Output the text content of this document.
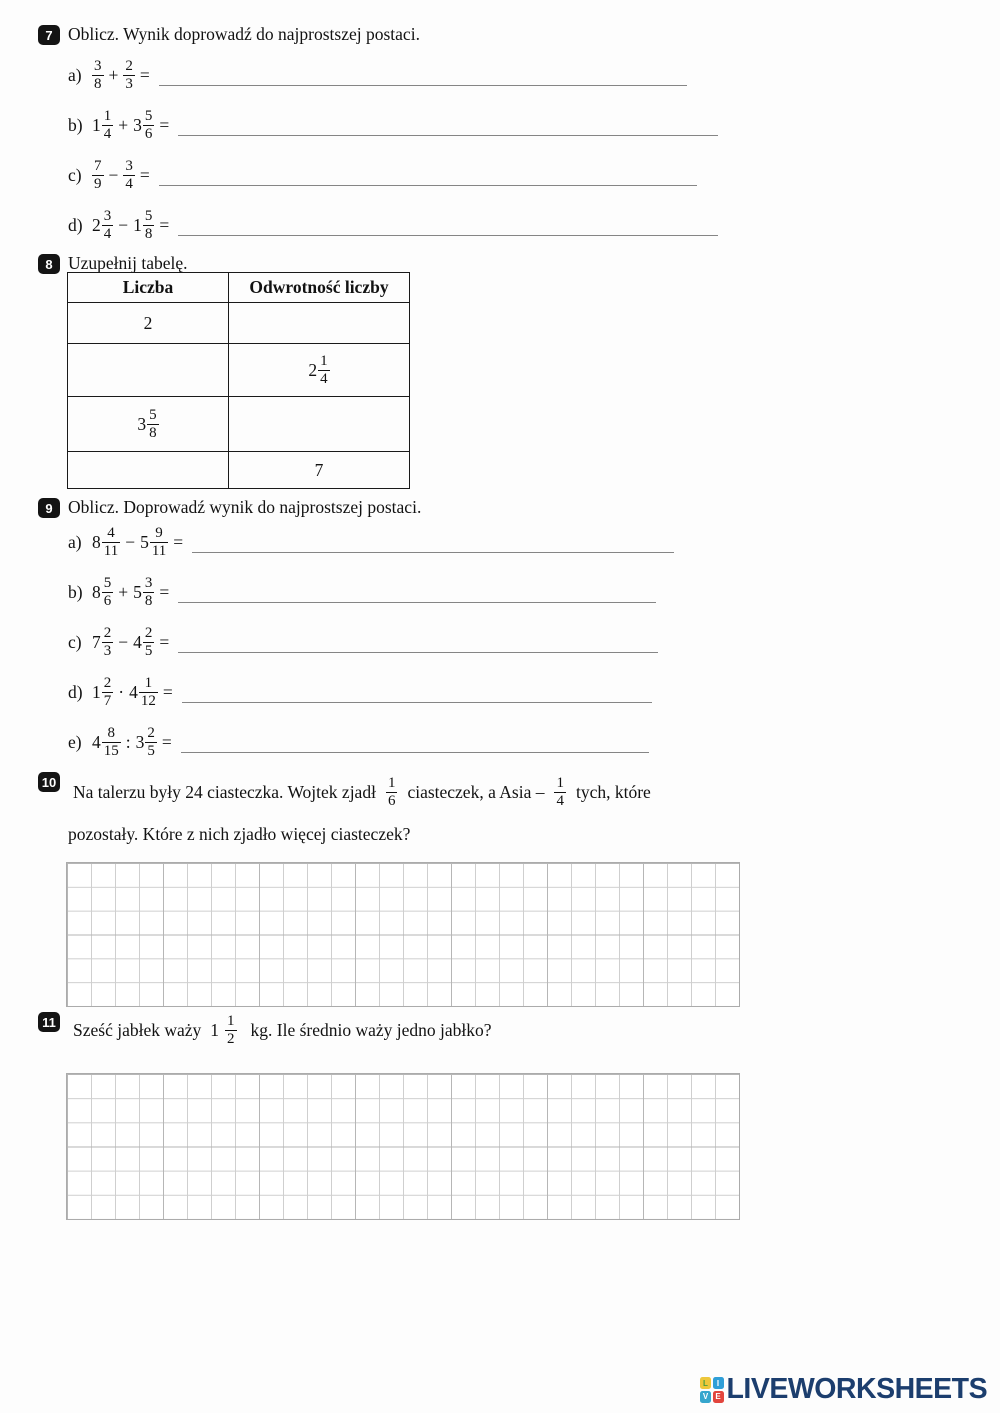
7 Oblicz. Wynik doprowadź do najprostszej postaci.
$a) \frac{3}{8} + \frac{2}{3}$ =
b) $1 \frac{1}{4} + 3 \frac{5}{6}$ =
$c) \frac{7}{9} - \frac{3}{4}$ =
d) $2 \frac{3}{4} - 1 \frac{5}{8}$ =
8 Uzupełnij tabelę.
Liczba	Odwrotność liczby

2	

	$2 \frac{1}{4}$

$3 \frac{5}{8}$

	7
9 Oblicz. Doprowadź wynik do najprostszej postaci.
a) $8 \frac{4}{11} - 5 \frac{9}{11}$ =
b) $8 \frac{5}{6} + 5 \frac{3}{8}$ =
c) $7 \frac{2}{3} - 4 \frac{2}{5}$ =
d) $1 \frac{2}{7} \cdot 4 \frac{1}{12}$ =
e) $4 \frac{8}{15}$ : $3 \frac{2}{5}$ =
10 Na talerzu były 24 ciasteczka. Wojtek zjadł $\frac{1}{6}$ ciasteczek, a Asia – $\frac{1}{4}$ tych, które
pozostały. Które z nich zjadło więcej ciasteczek?
11 Sześć jabłek waży $1 \frac{1}{2}$ kg. Ile średnio waży jedno jabłko?
L	I
V E LIVEWORKSHEETS
